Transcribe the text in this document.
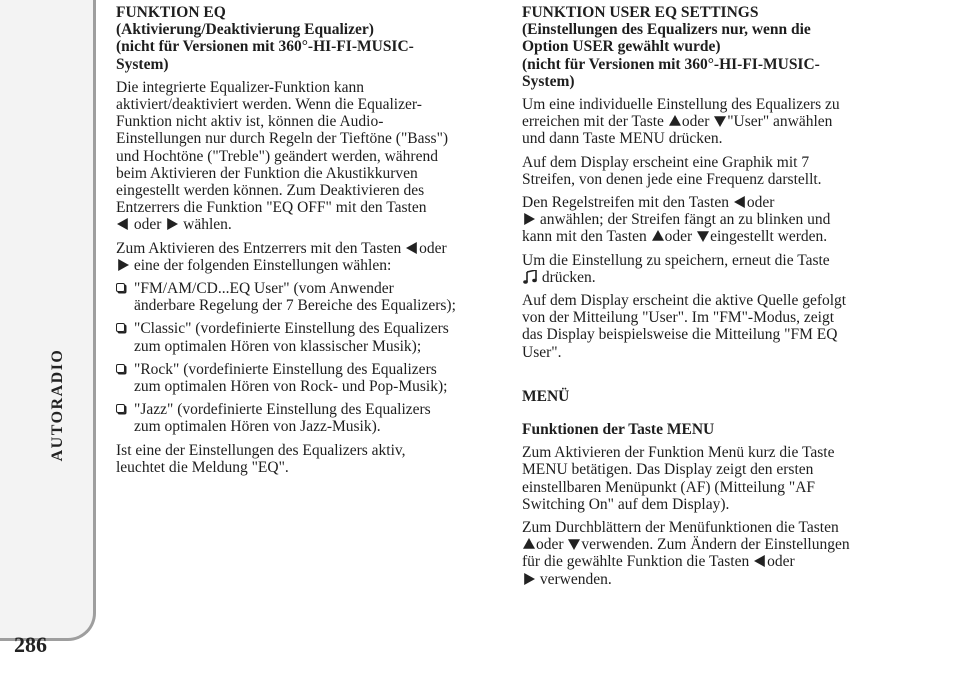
AUTORADIO
286
FUNKTION EQ
(Aktivierung/Deaktivierung Equalizer)
(nicht für Versionen mit 360°-HI-FI-MUSIC-
System)
Die integrierte Equalizer-Funktion kann
aktiviert/deaktiviert werden. Wenn die Equalizer-
Funktion nicht aktiv ist, können die Audio-
Einstellungen nur durch Regeln der Tieftöne ("Bass")
und Hochtöne ("Treble") geändert werden, während
beim Aktivieren der Funktion die Akustikkurven
eingestellt werden können. Zum Deaktivieren des
Entzerrers die Funktion "EQ OFF" mit den Tasten
oder wählen.
Zum Aktivieren des Entzerrers mit den Tasten oder
eine der folgenden Einstellungen wählen:
"FM/AM/CD...EQ User" (vom Anwender
änderbare Regelung der 7 Bereiche des Equalizers);
"Classic" (vordefinierte Einstellung des Equalizers
zum optimalen Hören von klassischer Musik);
"Rock" (vordefinierte Einstellung des Equalizers
zum optimalen Hören von Rock- und Pop-Musik);
"Jazz" (vordefinierte Einstellung des Equalizers
zum optimalen Hören von Jazz-Musik).
Ist eine der Einstellungen des Equalizers aktiv,
leuchtet die Meldung "EQ".
FUNKTION USER EQ SETTINGS
(Einstellungen des Equalizers nur, wenn die
Option USER gewählt wurde)
(nicht für Versionen mit 360°-HI-FI-MUSIC-
System)
Um eine individuelle Einstellung des Equalizers zu
erreichen mit der Taste oder "User" anwählen
und dann Taste MENU drücken.
Auf dem Display erscheint eine Graphik mit 7
Streifen, von denen jede eine Frequenz darstellt.
Den Regelstreifen mit den Tasten oder
anwählen; der Streifen fängt an zu blinken und
kann mit den Tasten oder eingestellt werden.
Um die Einstellung zu speichern, erneut die Taste
drücken.
Auf dem Display erscheint die aktive Quelle gefolgt
von der Mitteilung "User". Im "FM"-Modus, zeigt
das Display beispielsweise die Mitteilung "FM EQ
User".
MENÜ
Funktionen der Taste MENU
Zum Aktivieren der Funktion Menü kurz die Taste
MENU betätigen. Das Display zeigt den ersten
einstellbaren Menüpunkt (AF) (Mitteilung "AF
Switching On" auf dem Display).
Zum Durchblättern der Menüfunktionen die Tasten
oder verwenden. Zum Ändern der Einstellungen
für die gewählte Funktion die Tasten oder
verwenden.
